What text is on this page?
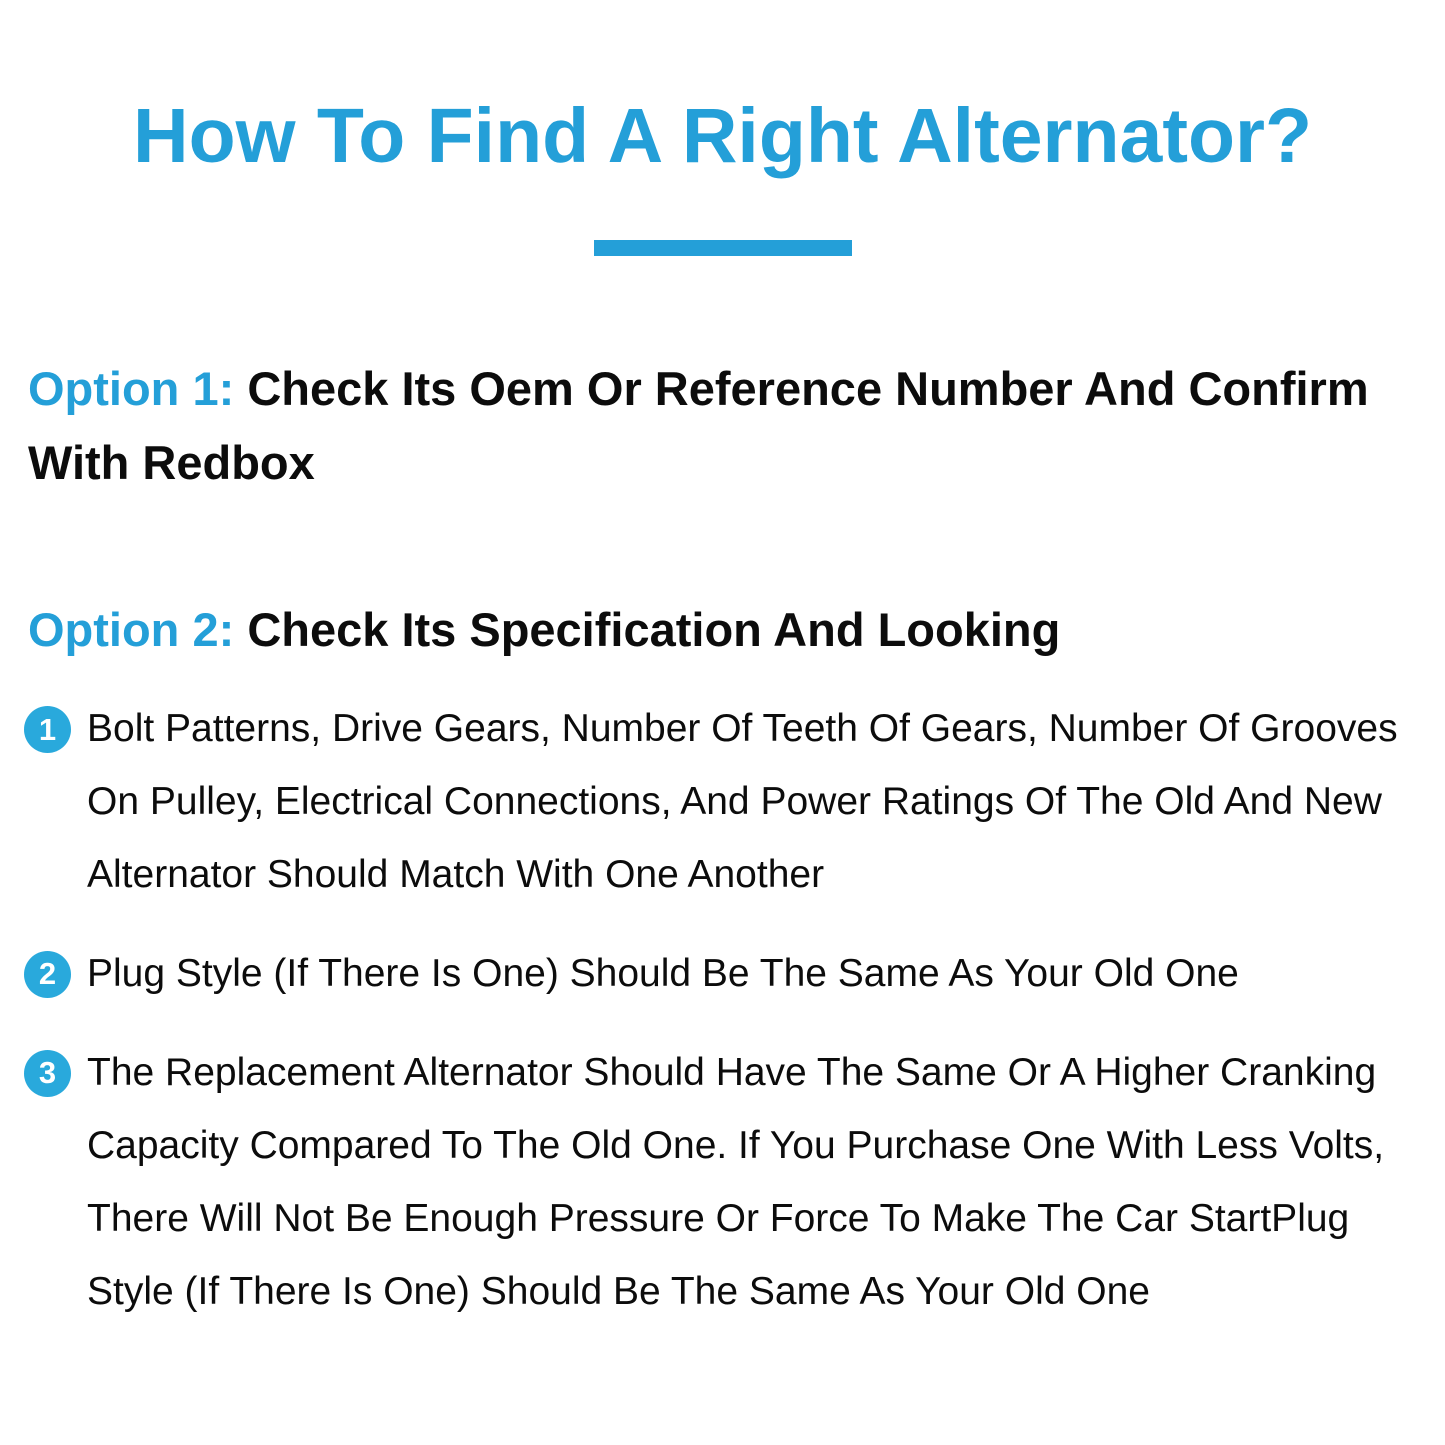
How To Find A Right Alternator?
Option 1: Check Its Oem Or Reference Number And Confirm With Redbox
Option 2: Check Its Specification And Looking
1 Bolt Patterns, Drive Gears, Number Of Teeth Of Gears, Number Of Grooves On Pulley, Electrical Connections, And Power Ratings Of The Old And New Alternator Should Match With One Another
2 Plug Style (If There Is One) Should Be The Same As Your Old One
3 The Replacement Alternator Should Have The Same Or A Higher Cranking Capacity Compared To The Old One. If You Purchase One With Less Volts, There Will Not Be Enough Pressure Or Force To Make The Car StartPlug Style (If There Is One) Should Be The Same As Your Old One
